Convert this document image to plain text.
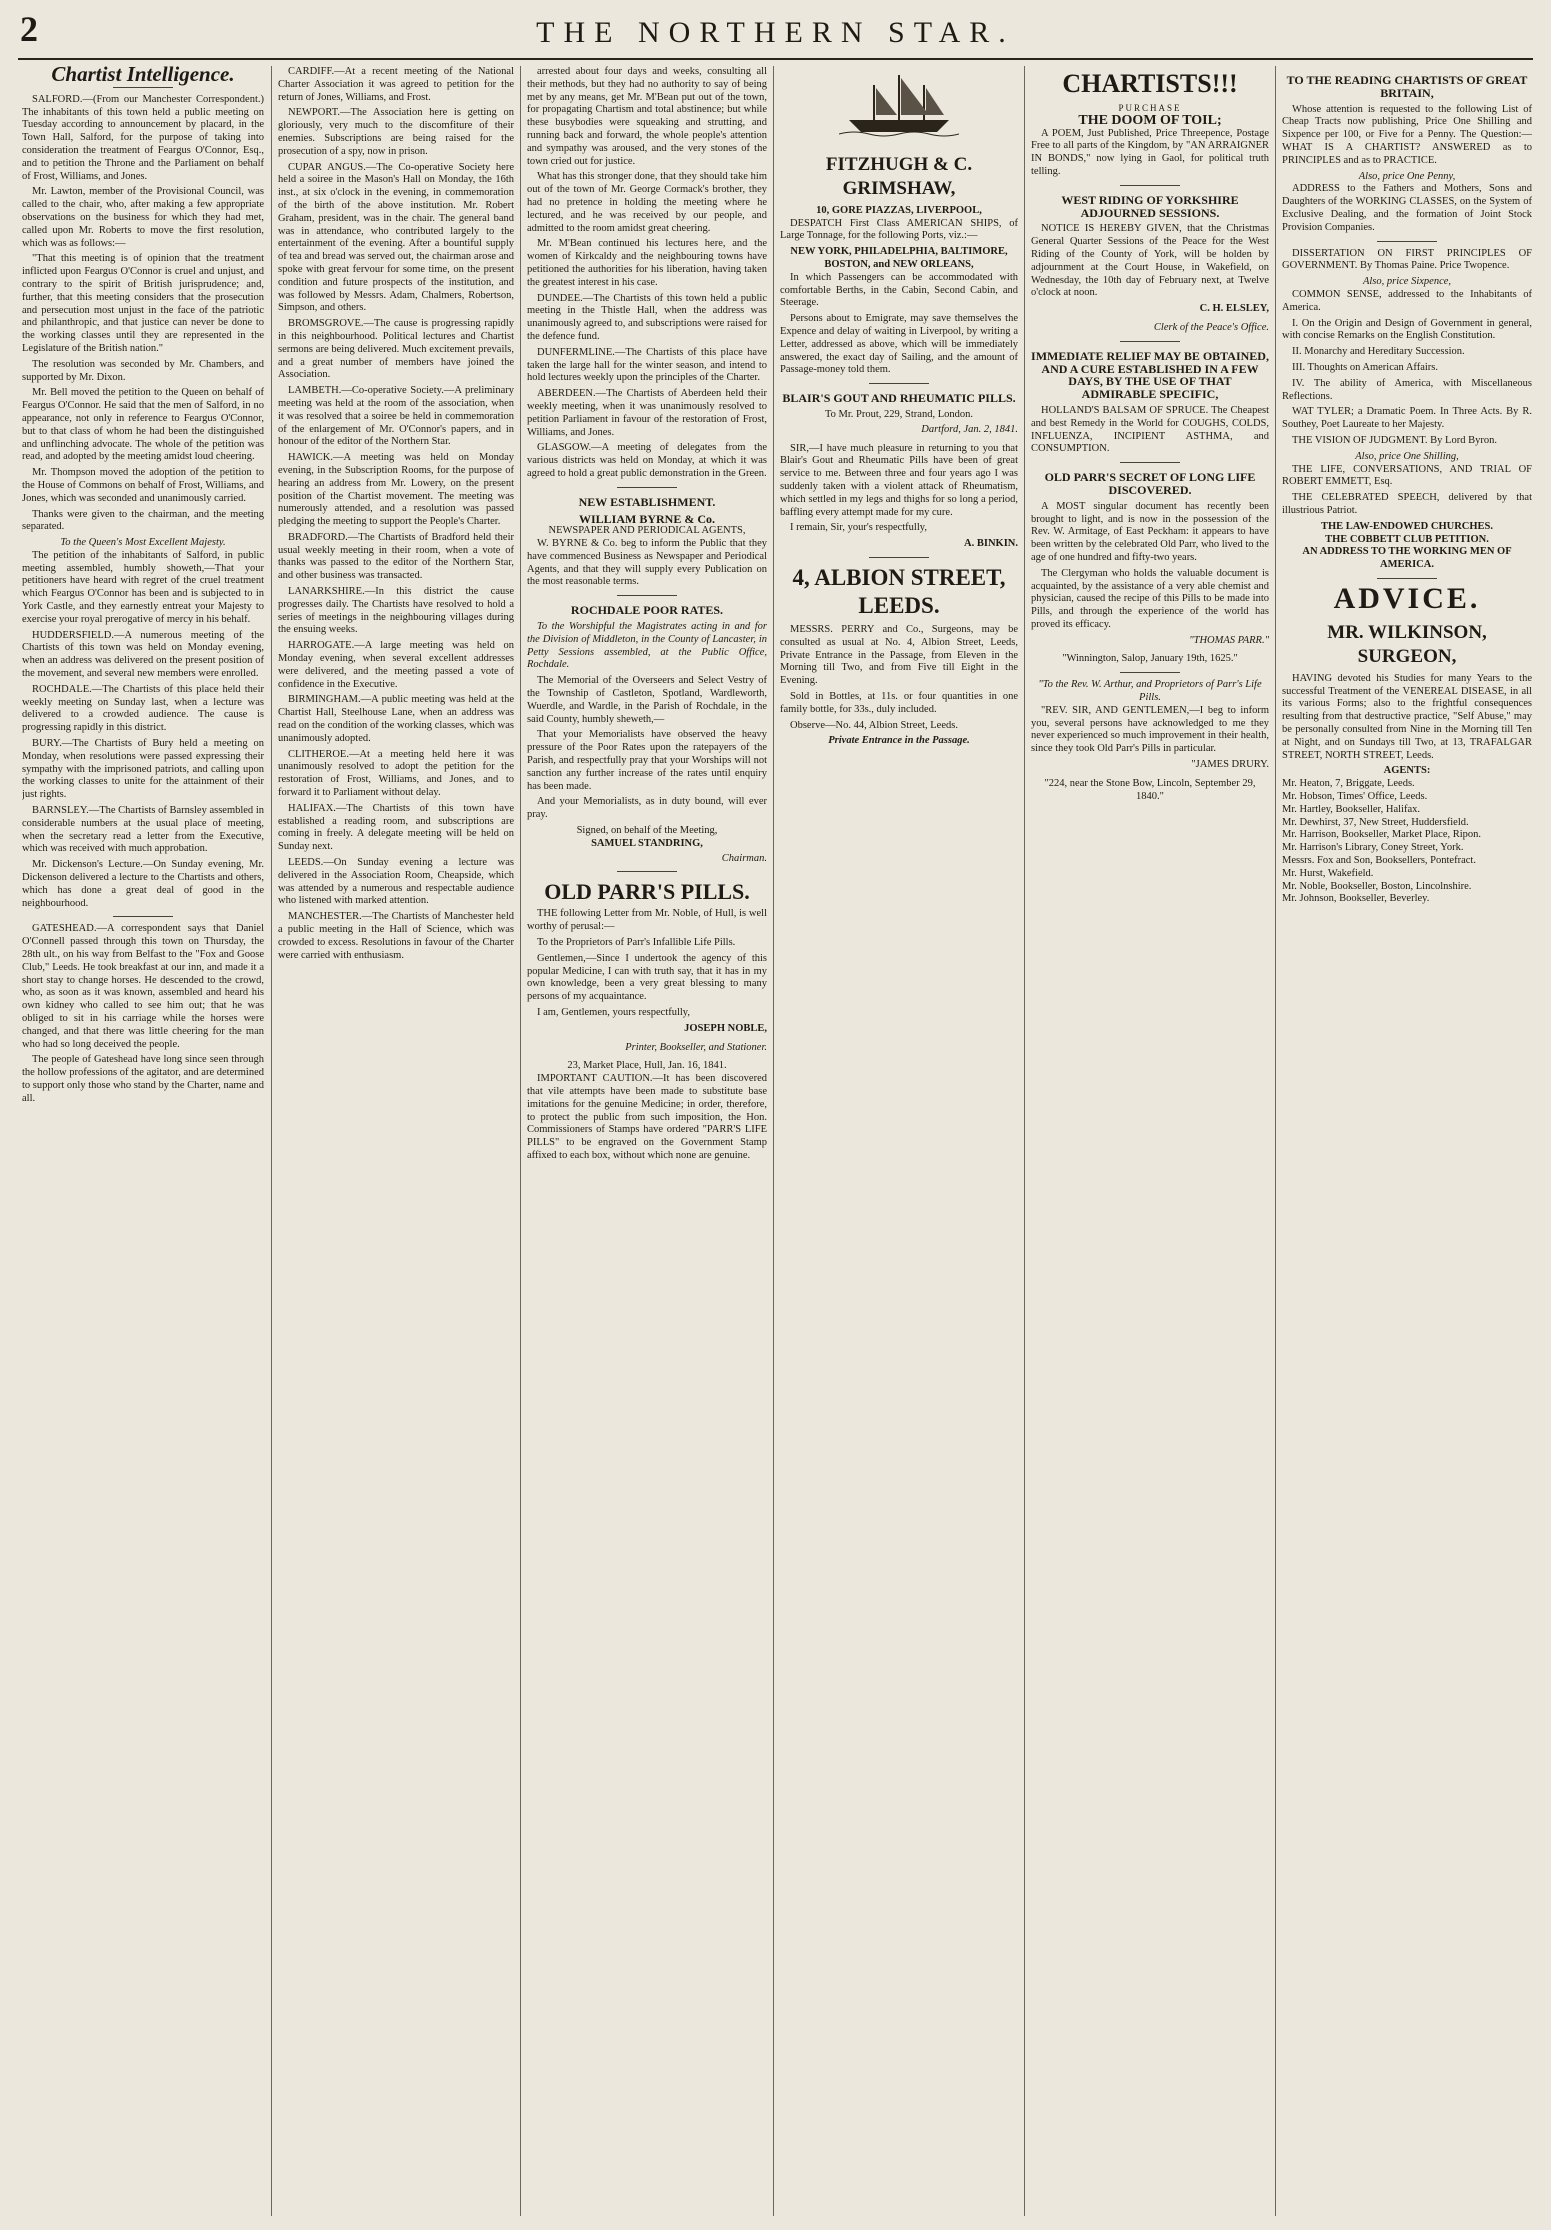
2	THE NORTHERN STAR.
Chartist Intelligence.

SALFORD.—(From our Manchester Correspondent.) The inhabitants of this town held a public meeting on Tuesday according to announcement by placard, in the Town Hall, Salford, for the purpose of taking into consideration the treatment of Feargus O'Connor, Esq., and to petition the Throne and the Parliament on behalf of Frost, Williams, and Jones.

Mr. Lawton, member of the Provisional Council, was called to the chair, who, after making a few appropriate observations on the business for which they had met, called upon Mr. Roberts to move the first resolution, which was as follows:—

"That this meeting is of opinion that the treatment inflicted upon Feargus O'Connor is cruel and unjust, and contrary to the spirit of British jurisprudence; and, further, that this meeting considers that the prosecution and persecution most unjust in the face of the patriotic and philanthropic, and that justice can never be done to the working classes until they are represented in the Legislature of the British nation."

The resolution was seconded by Mr. Chambers, and supported by Mr. Dixon.

Mr. Bell moved the petition to the Queen on behalf of Feargus O'Connor. He said that the men of Salford, in no appearance, not only in reference to Feargus O'Connor, but to that class of whom he had been the distinguished and unflinching advocate. The whole of the petition was read, and adopted by the meeting amidst loud cheering.

Mr. Thompson moved the adoption of the petition to the House of Commons on behalf of Frost, Williams, and Jones, which was seconded and unanimously carried.

Thanks were given to the chairman, and the meeting separated.

To the Queen's Most Excellent Majesty.

The petition of the inhabitants of Salford, in public meeting assembled, humbly showeth,—That your petitioners have heard with regret of the cruel treatment which Feargus O'Connor has been and is subjected to in York Castle, and they earnestly entreat your Majesty to exercise your royal prerogative of mercy in his behalf.

HUDDERSFIELD.—A numerous meeting of the Chartists of this town was held on Monday evening, when an address was delivered on the present position of the movement, and several new members were enrolled.

ROCHDALE.—The Chartists of this place held their weekly meeting on Sunday last, when a lecture was delivered to a crowded audience. The cause is progressing rapidly in this district.

BURY.—The Chartists of Bury held a meeting on Monday, when resolutions were passed expressing their sympathy with the imprisoned patriots, and calling upon the working classes to unite for the attainment of their just rights.

BARNSLEY.—The Chartists of Barnsley assembled in considerable numbers at the usual place of meeting, when the secretary read a letter from the Executive, which was received with much approbation.

Mr. Dickenson's Lecture.—On Sunday evening, Mr. Dickenson delivered a lecture to the Chartists and others, which has done a great deal of good in the neighbourhood.

GATESHEAD.—A correspondent says that Daniel O'Connell passed through this town on Thursday, the 28th ult., on his way from Belfast to the "Fox and Goose Club," Leeds. He took breakfast at our inn, and made it a short stay to change horses. He descended to the crowd, who, as soon as it was known, assembled and heard his own kidney who called to see him out; that he was obliged to sit in his carriage while the horses were changed, and that there was little cheering for the man who had so long deceived the people.

The people of Gateshead have long since seen through the hollow professions of the agitator, and are determined to support only those who stand by the Charter, name and all.

CARDIFF.—At a recent meeting of the National Charter Association it was agreed to petition for the return of Jones, Williams, and Frost.

NEWPORT.—The Association here is getting on gloriously, very much to the discomfiture of their enemies. Subscriptions are being raised for the prosecution of a spy, now in prison.

CUPAR ANGUS.—The Co-operative Society here held a soiree in the Mason's Hall on Monday, the 16th inst., at six o'clock in the evening, in commemoration of the birth of the above institution. Mr. Robert Graham, president, was in the chair. The general band was in attendance, who contributed largely to the entertainment of the evening. After a bountiful supply of tea and bread was served out, the chairman arose and spoke with great fervour for some time, on the present condition and future prospects of the institution, and was followed by Messrs. Adam, Chalmers, Robertson, Simpson, and others.

BROMSGROVE.—The cause is progressing rapidly in this neighbourhood. Political lectures and Chartist sermons are being delivered. Much excitement prevails, and a great number of members have joined the Association.

LAMBETH.—Co-operative Society.—A preliminary meeting was held at the room of the association, when it was resolved that a soiree be held in commemoration of the enlargement of Mr. O'Connor's papers, and in honour of the editor of the Northern Star.

HAWICK.—A meeting was held on Monday evening, in the Subscription Rooms, for the purpose of hearing an address from Mr. Lowery, on the present position of the Chartist movement. The meeting was numerously attended, and a resolution was passed pledging the meeting to support the People's Charter.

BRADFORD.—The Chartists of Bradford held their usual weekly meeting in their room, when a vote of thanks was passed to the editor of the Northern Star, and other business was transacted.

LANARKSHIRE.—In this district the cause progresses daily. The Chartists have resolved to hold a series of meetings in the neighbouring villages during the ensuing weeks.

HARROGATE.—A large meeting was held on Monday evening, when several excellent addresses were delivered, and the meeting passed a vote of confidence in the Executive.

BIRMINGHAM.—A public meeting was held at the Chartist Hall, Steelhouse Lane, when an address was read on the condition of the working classes, which was unanimously adopted.

CLITHEROE.—At a meeting held here it was unanimously resolved to adopt the petition for the restoration of Frost, Williams, and Jones, and to forward it to Parliament without delay.

HALIFAX.—The Chartists of this town have established a reading room, and subscriptions are coming in freely. A delegate meeting will be held on Sunday next.

LEEDS.—On Sunday evening a lecture was delivered in the Association Room, Cheapside, which was attended by a numerous and respectable audience who listened with marked attention.

MANCHESTER.—The Chartists of Manchester held a public meeting in the Hall of Science, which was crowded to excess. Resolutions in favour of the Charter were carried with enthusiasm.

arrested about four days and weeks, consulting all their methods, but they had no authority to say of being met by any means, get Mr. M'Bean put out of the town, for propagating Chartism and total abstinence; but while these busybodies were squeaking and strutting, and running back and forward, the whole people's attention and sympathy was aroused, and the very stones of the town cried out for justice.

What has this stronger done, that they should take him out of the town of Mr. George Cormack's brother, they had no pretence in holding the meeting where he lectured, and he was received by our people, and admitted to the room amidst great cheering.

Mr. M'Bean continued his lectures here, and the women of Kirkcaldy and the neighbouring towns have petitioned the authorities for his liberation, having taken the greatest interest in his case.

DUNDEE.—The Chartists of this town held a public meeting in the Thistle Hall, when the address was unanimously agreed to, and subscriptions were raised for the defence fund.

DUNFERMLINE.—The Chartists of this place have taken the large hall for the winter season, and intend to hold lectures weekly upon the principles of the Charter.

ABERDEEN.—The Chartists of Aberdeen held their weekly meeting, when it was unanimously resolved to petition Parliament in favour of the restoration of Frost, Williams, and Jones.

GLASGOW.—A meeting of delegates from the various districts was held on Monday, at which it was agreed to hold a great public demonstration in the Green.

NEW ESTABLISHMENT.
WILLIAM BYRNE & Co.
NEWSPAPER AND PERIODICAL AGENTS,

W. BYRNE & Co. beg to inform the Public that they have commenced Business as Newspaper and Periodical Agents, and that they will supply every Publication on the most reasonable terms.

ROCHDALE POOR RATES.

To the Worshipful the Magistrates acting in and for the Division of Middleton, in the County of Lancaster, in Petty Sessions assembled, at the Public Office, Rochdale.

The Memorial of the Overseers and Select Vestry of the Township of Castleton, Spotland, Wardleworth, Wuerdle, and Wardle, in the Parish of Rochdale, in the said County, humbly sheweth,—

That your Memorialists have observed the heavy pressure of the Poor Rates upon the ratepayers of the Parish, and respectfully pray that your Worships will not sanction any further increase of the rates until enquiry has been made.

And your Memorialists, as in duty bound, will ever pray.

Signed, on behalf of the Meeting,
SAMUEL STANDRING,
Chairman.
OLD PARR'S PILLS.

THE following Letter from Mr. Noble, of Hull, is well worthy of perusal:—

To the Proprietors of Parr's Infallible Life Pills.

Gentlemen,—Since I undertook the agency of this popular Medicine, I can with truth say, that it has in my own knowledge, been a very great blessing to many persons of my acquaintance.

I am, Gentlemen, yours respectfully,

JOSEPH NOBLE,
Printer, Bookseller, and Stationer.
23, Market Place, Hull, Jan. 16, 1841.

IMPORTANT CAUTION.—It has been discovered that vile attempts have been made to substitute base imitations for the genuine Medicine; in order, therefore, to protect the public from such imposition, the Hon. Commissioners of Stamps have ordered "PARR'S LIFE PILLS" to be engraved on the Government Stamp affixed to each box, without which none are genuine.

FITZHUGH & C. GRIMSHAW,
10, GORE PIAZZAS, LIVERPOOL,

DESPATCH First Class AMERICAN SHIPS, of Large Tonnage, for the following Ports, viz.:—

NEW YORK, PHILADELPHIA, BALTIMORE, BOSTON, and NEW ORLEANS,

In which Passengers can be accommodated with comfortable Berths, in the Cabin, Second Cabin, and Steerage.

Persons about to Emigrate, may save themselves the Expence and delay of waiting in Liverpool, by writing a Letter, addressed as above, which will be immediately answered, the exact day of Sailing, and the amount of Passage-money told them.

BLAIR'S GOUT AND RHEUMATIC PILLS.
To Mr. Prout, 229, Strand, London.
Dartford, Jan. 2, 1841.

SIR,—I have much pleasure in returning to you that Blair's Gout and Rheumatic Pills have been of great service to me. Between three and four years ago I was suddenly taken with a violent attack of Rheumatism, which settled in my legs and thighs for so long a period, baffling every attempt made for my cure.

I remain, Sir, your's respectfully,

A. BINKIN.
4, ALBION STREET, LEEDS.

MESSRS. PERRY and Co., Surgeons, may be consulted as usual at No. 4, Albion Street, Leeds, Private Entrance in the Passage, from Eleven in the Morning till Two, and from Five till Eight in the Evening.

Sold in Bottles, at 11s. or four quantities in one family bottle, for 33s., duly included.

Observe—No. 44, Albion Street, Leeds.

Private Entrance in the Passage.
CHARTISTS!!!
PURCHASE
THE DOOM OF TOIL;

A POEM, Just Published, Price Threepence, Postage Free to all parts of the Kingdom, by "AN ARRAIGNER IN BONDS," now lying in Gaol, for political truth telling.

WEST RIDING OF YORKSHIRE ADJOURNED SESSIONS.

NOTICE IS HEREBY GIVEN, that the Christmas General Quarter Sessions of the Peace for the West Riding of the County of York, will be holden by adjournment at the Court House, in Wakefield, on Wednesday, the 10th day of February next, at Twelve o'clock at noon.

C. H. ELSLEY,
Clerk of the Peace's Office.
IMMEDIATE RELIEF MAY BE OBTAINED, AND A CURE ESTABLISHED IN A FEW DAYS, BY THE USE OF THAT ADMIRABLE SPECIFIC,

HOLLAND'S BALSAM OF SPRUCE. The Cheapest and best Remedy in the World for COUGHS, COLDS, INFLUENZA, INCIPIENT ASTHMA, and CONSUMPTION.

OLD PARR'S SECRET OF LONG LIFE DISCOVERED.

A MOST singular document has recently been brought to light, and is now in the possession of the Rev. W. Armitage, of East Peckham: it appears to have been written by the celebrated Old Parr, who lived to the age of one hundred and fifty-two years.

The Clergyman who holds the valuable document is acquainted, by the assistance of a very able chemist and physician, caused the recipe of this Pills to be made into Pills, and through the experience of the world has proved its efficacy.

"THOMAS PARR."
"Winnington, Salop, January 19th, 1625."
"To the Rev. W. Arthur, and Proprietors of Parr's Life Pills.

"REV. SIR, AND GENTLEMEN,—I beg to inform you, several persons have acknowledged to me they never experienced so much improvement in their health, since they took Old Parr's Pills in particular.

"JAMES DRURY.
"224, near the Stone Bow, Lincoln, September 29, 1840."
TO THE READING CHARTISTS OF GREAT BRITAIN,

Whose attention is requested to the following List of Cheap Tracts now publishing, Price One Shilling and Sixpence per 100, or Five for a Penny. The Question:—WHAT IS A CHARTIST? ANSWERED as to PRINCIPLES and as to PRACTICE.

Also, price One Penny,

ADDRESS to the Fathers and Mothers, Sons and Daughters of the WORKING CLASSES, on the System of Exclusive Dealing, and the formation of Joint Stock Provision Companies.

DISSERTATION ON FIRST PRINCIPLES OF GOVERNMENT. By Thomas Paine. Price Twopence.

Also, price Sixpence,

COMMON SENSE, addressed to the Inhabitants of America.

I. On the Origin and Design of Government in general, with concise Remarks on the English Constitution.

II. Monarchy and Hereditary Succession.

III. Thoughts on American Affairs.

IV. The ability of America, with Miscellaneous Reflections.

WAT TYLER; a Dramatic Poem. In Three Acts. By R. Southey, Poet Laureate to her Majesty.

THE VISION OF JUDGMENT. By Lord Byron.

Also, price One Shilling,

THE LIFE, CONVERSATIONS, AND TRIAL OF ROBERT EMMETT, Esq.

THE CELEBRATED SPEECH, delivered by that illustrious Patriot.

THE LAW-ENDOWED CHURCHES.
THE COBBETT CLUB PETITION.
AN ADDRESS TO THE WORKING MEN OF AMERICA.
ADVICE.
MR. WILKINSON, SURGEON,

HAVING devoted his Studies for many Years to the successful Treatment of the VENEREAL DISEASE, in all its various Forms; also to the frightful consequences resulting from that destructive practice, "Self Abuse," may be personally consulted from Nine in the Morning till Ten at Night, and on Sundays till Two, at 13, TRAFALGAR STREET, NORTH STREET, Leeds.

AGENTS:
Mr. Heaton, 7, Briggate, Leeds.
Mr. Hobson, Times' Office, Leeds.
Mr. Hartley, Bookseller, Halifax.
Mr. Dewhirst, 37, New Street, Huddersfield.
Mr. Harrison, Bookseller, Market Place, Ripon.
Mr. Harrison's Library, Coney Street, York.
Messrs. Fox and Son, Booksellers, Pontefract.
Mr. Hurst, Wakefield.
Mr. Noble, Bookseller, Boston, Lincolnshire.
Mr. Johnson, Bookseller, Beverley.
